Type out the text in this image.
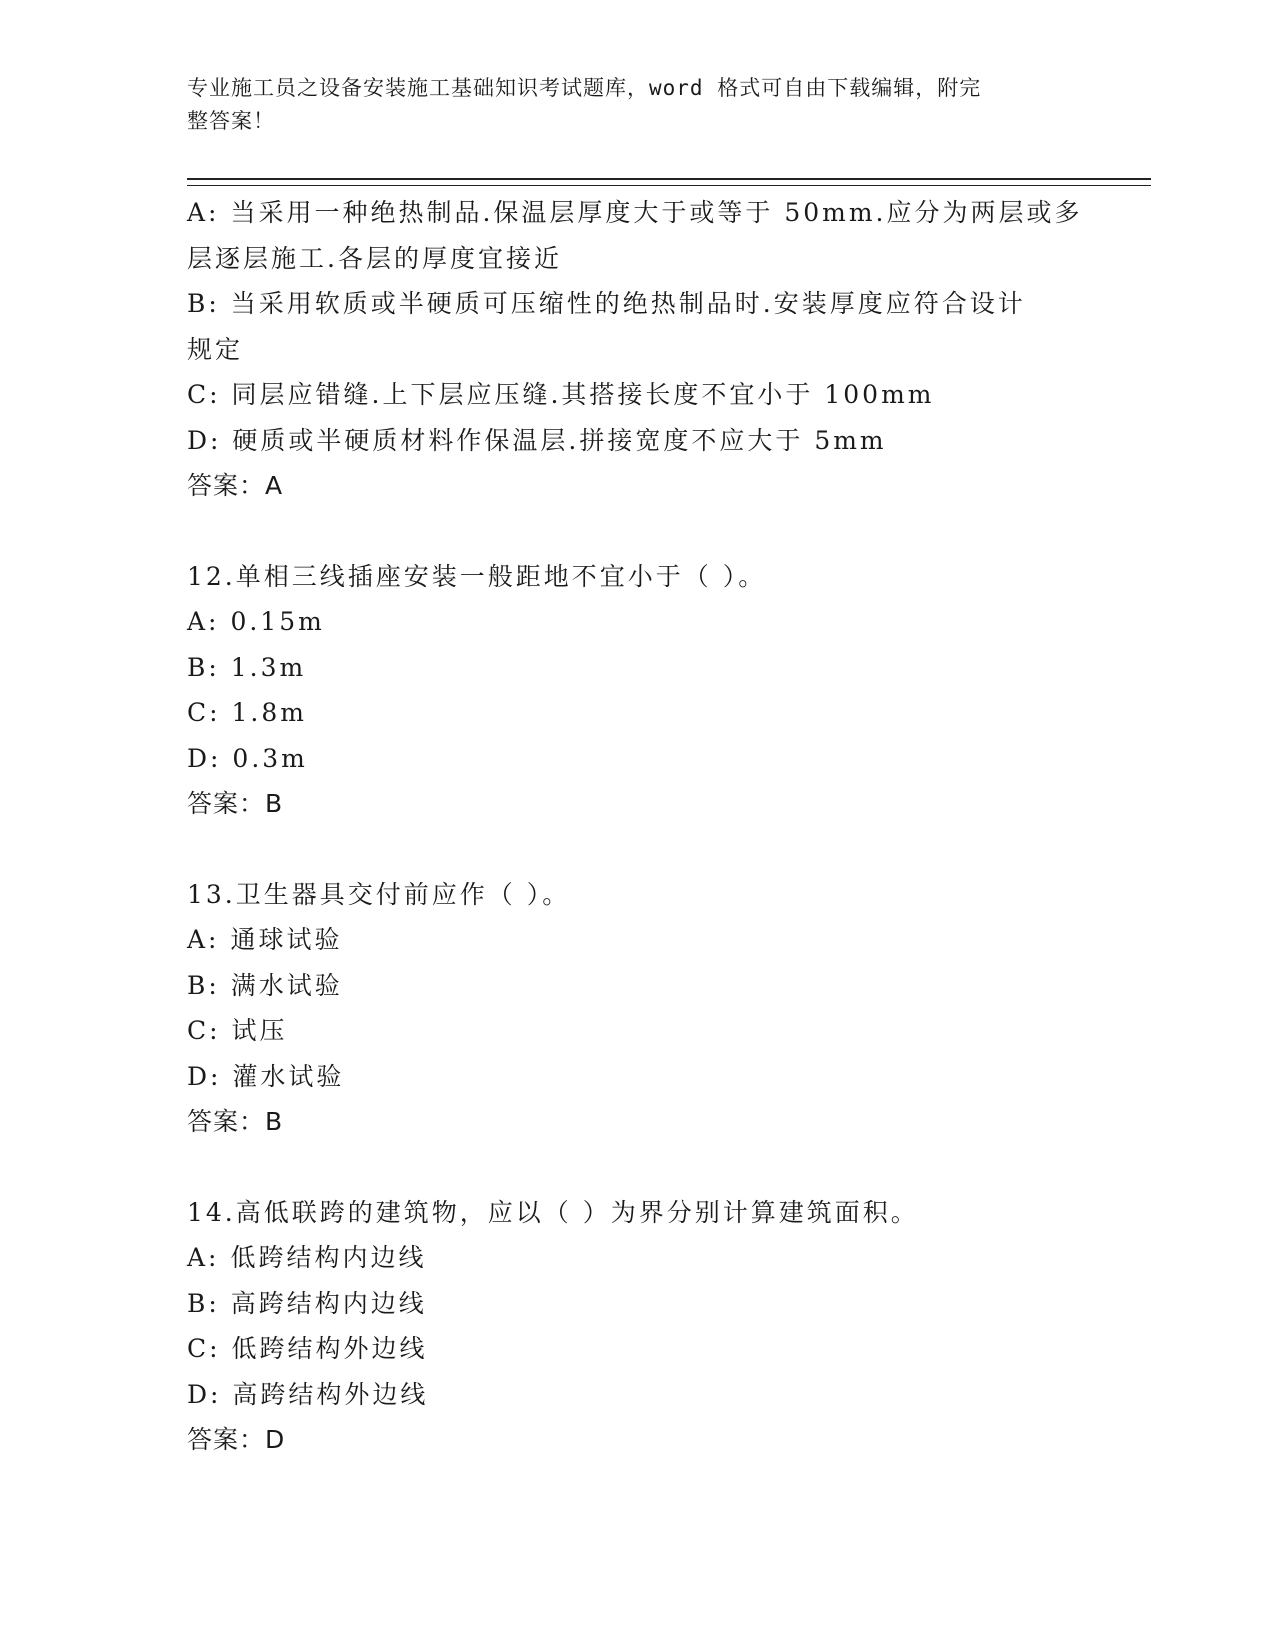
专业施工员之设备安装施工基础知识考试题库，word 格式可自由下载编辑，附完
整答案！
A: 当采用一种绝热制品.保温层厚度大于或等于 50mm.应分为两层或多
层逐层施工.各层的厚度宜接近
B: 当采用软质或半硬质可压缩性的绝热制品时.安装厚度应符合设计
规定
C: 同层应错缝.上下层应压缝.其搭接长度不宜小于 100mm
D: 硬质或半硬质材料作保温层.拼接宽度不应大于 5mm
答案：A
12.单相三线插座安装一般距地不宜小于（ ）。
A: 0.15m
B: 1.3m
C: 1.8m
D: 0.3m
答案：B
13.卫生器具交付前应作（ ）。
A: 通球试验
B: 满水试验
C: 试压
D: 灌水试验
答案：B
14.高低联跨的建筑物，应以（ ）为界分别计算建筑面积。
A: 低跨结构内边线
B: 高跨结构内边线
C: 低跨结构外边线
D: 高跨结构外边线
答案：D
